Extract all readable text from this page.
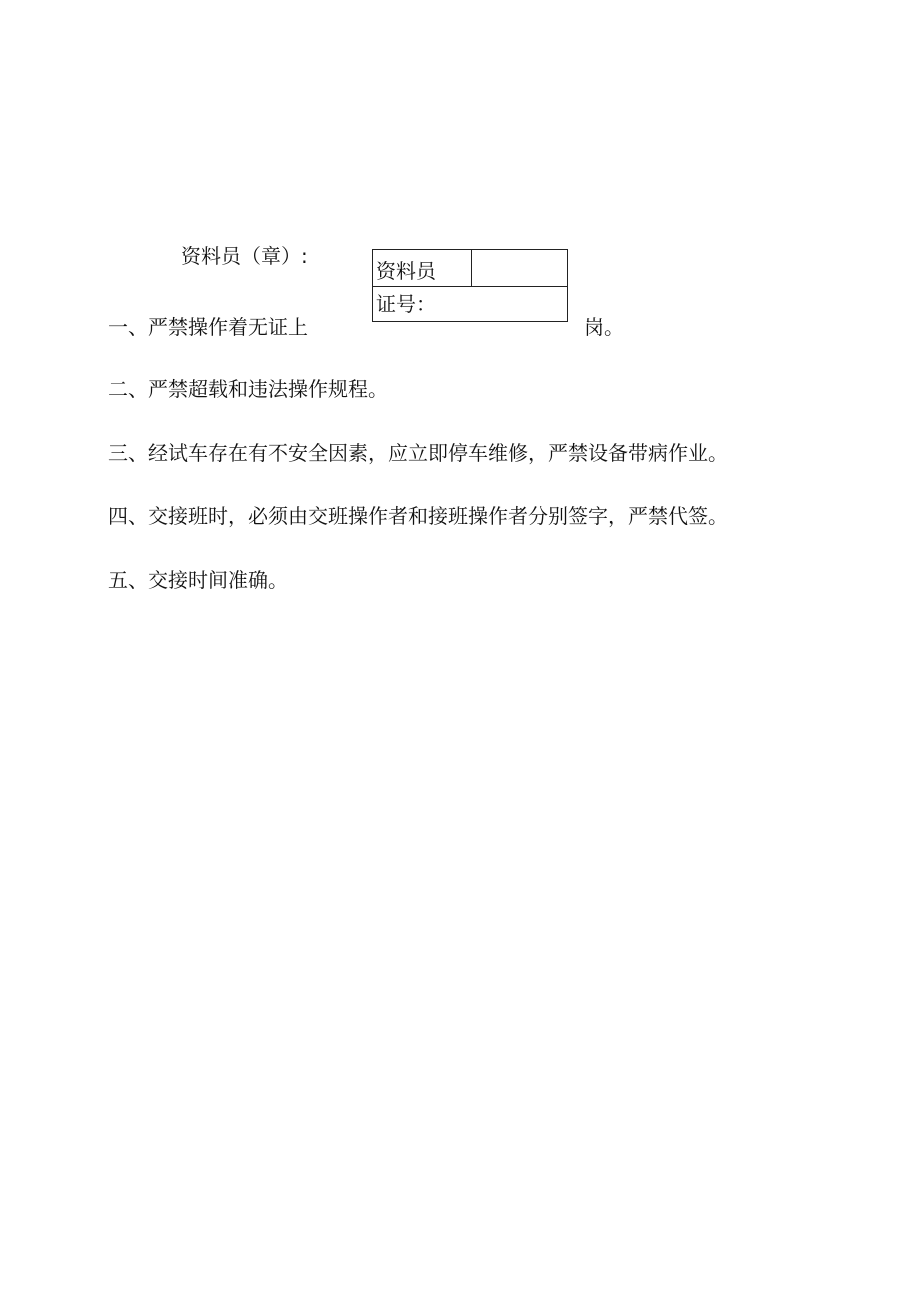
资料员（章）:
资料员
证号：
一、严禁操作着无证上	岗。
二、严禁超载和违法操作规程。
三、经试车存在有不安全因素，应立即停车维修，严禁设备带病作业。
四、交接班时，必须由交班操作者和接班操作者分别签字，严禁代签。
五、交接时间准确。
